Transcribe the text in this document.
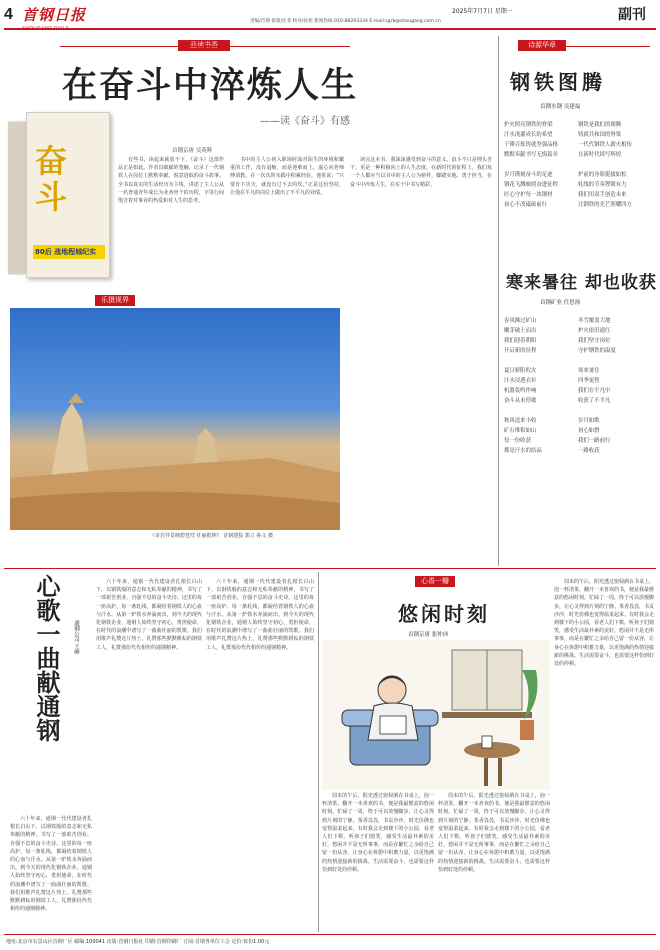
4 首钢日报	责编/首钢 排版/任菲 校对/孙苑 新闻热线:010-88293334 E-mail:sgrb@shougang.com.cn
2025年7月7日 星期一	副刊
品读书香
在奋斗中淬炼人生
——读《奋斗》有感
首钢京唐 吴英辉
奋斗
80后 战地程城纪实
有些书，读起来就放不下。《奋斗》这部作品正是如此。作者以细腻的笔触，记录了一代钢铁人在岗位上默默奉献、锐意进取的奋斗故事。全书以真实的生活经历为主线，讲述了主人公从一名普通青年成长为业务骨干的历程，字里行间饱含着对事业的热爱和对人生的思考。
书中的主人公初入职场时面对陌生的环境和繁重的工作，没有退缩，而是迎难而上，虚心向老师傅请教，在一次次的实践中积累经验。他常说：“只要肯下功夫，就没有过不去的坎。”正是这份坚持，让他在平凡的岗位上做出了不平凡的业绩。
读完这本书，我深深感受到奋斗的意义。奋斗不只是埋头苦干，更是一种积极向上的人生态度。在新时代的征程上，我们每一个人都应当以书中的主人公为榜样，脚踏实地、勇于担当，在奋斗中淬炼人生，在实干中书写精彩。
乐摄视界
《奇岩异景映碧苍穹 壮丽乾坤》 首钢建投 郭立 孙文 摄
诗源华章
钢铁图腾
首钢水钢 吴建福
炉火照亮钢铁的脊梁
汗水浇灌成长的希望
千锤百炼铸就坚强品格
默默奉献书写无悔篇章

岁月镌刻奋斗的足迹
钢花飞溅映照奋进征程
匠心守护每一块钢材
初心不改砥砺前行
钢铁是我们的图腾
铸就共和国的脊梁
一代代钢铁人薪火相传
在新时代续写辉煌

炉前的身影挺拔如松
轧线的节奏铿锵有力
我们用双手创造未来
让钢铁的光芒照耀四方
寒来暑往 却也收获
首钢矿业 任思扬
春风拂过矿山
嫩芽破土而出
我们迎着朝阳
开启新的征程

夏日骄阳似火
汗水浸透衣衫
机器轰鸣作响
奋斗从未停歇

秋风送来丰收
矿石堆积如山
每一份收获
都是汗水的结晶
冬雪覆盖大地
炉火依旧通红
我们坚守岗位
守护钢铁的温度

寒来暑往
四季更替
我们在平凡中
收获了不平凡

岁月如歌
初心如磐
我们一路前行
一路收获
心歌一曲献通钢 通钢公司 王峰
六十年来，通钢一代代建设者扎根长白山下，以钢铁般的意志和无私奉献的精神，书写了一部艰苦创业、自强不息的奋斗史诗。这里的每一座高炉、每一条轧线，都凝结着钢铁人的心血与汗水。从第一炉铁水奔涌而出，到今天的现代化钢铁企业，通钢人始终坚守初心，勇担使命，在时代的浪潮中谱写了一曲曲壮丽的凯歌。我们用歌声礼赞这片热土，礼赞那些默默耕耘的钢铁工人，礼赞那份代代相传的通钢精神。
六十年来，通钢一代代建设者扎根长白山下，以钢铁般的意志和无私奉献的精神，书写了一部艰苦创业、自强不息的奋斗史诗。这里的每一座高炉、每一条轧线，都凝结着钢铁人的心血与汗水。从第一炉铁水奔涌而出，到今天的现代化钢铁企业，通钢人始终坚守初心，勇担使命，在时代的浪潮中谱写了一曲曲壮丽的凯歌。我们用歌声礼赞这片热土，礼赞那些默默耕耘的钢铁工人，礼赞那份代代相传的通钢精神。
六十年来，通钢一代代建设者扎根长白山下，以钢铁般的意志和无私奉献的精神，书写了一部艰苦创业、自强不息的奋斗史诗。这里的每一座高炉、每一条轧线，都凝结着钢铁人的心血与汗水。从第一炉铁水奔涌而出，到今天的现代化钢铁企业，通钢人始终坚守初心，勇担使命，在时代的浪潮中谱写了一曲曲壮丽的凯歌。我们用歌声礼赞这片热土，礼赞那些默默耕耘的钢铁工人，礼赞那份代代相传的通钢精神。
心香一瓣
悠闲时刻
首钢京唐 张仲沛
周末的午后，阳光透过窗棂洒在书桌上，泡一杯清茶，翻开一本喜欢的书，便是我最惬意的悠闲时刻。忙碌了一周，终于可以放慢脚步，让心灵得到片刻的宁静。茶香袅袅，书页沙沙，时光仿佛也变得温柔起来。有时我会走到楼下的小公园，看老人们下棋，听孩子们嬉笑，感受生活最朴素的美好。悠闲并不是无所事事，而是在繁忙之余给自己留一份从容，让身心在休憩中积蓄力量，以更饱满的热情迎接新的挑战。生活需要奋斗，也需要这样恰到好处的停顿。
周末的午后，阳光透过窗棂洒在书桌上，泡一杯清茶，翻开一本喜欢的书，便是我最惬意的悠闲时刻。忙碌了一周，终于可以放慢脚步，让心灵得到片刻的宁静。茶香袅袅，书页沙沙，时光仿佛也变得温柔起来。有时我会走到楼下的小公园，看老人们下棋，听孩子们嬉笑，感受生活最朴素的美好。悠闲并不是无所事事，而是在繁忙之余给自己留一份从容，让身心在休憩中积蓄力量，以更饱满的热情迎接新的挑战。生活需要奋斗，也需要这样恰到好处的停顿。
周末的午后，阳光透过窗棂洒在书桌上，泡一杯清茶，翻开一本喜欢的书，便是我最惬意的悠闲时刻。忙碌了一周，终于可以放慢脚步，让心灵得到片刻的宁静。茶香袅袅，书页沙沙，时光仿佛也变得温柔起来。有时我会走到楼下的小公园，看老人们下棋，听孩子们嬉笑，感受生活最朴素的美好。悠闲并不是无所事事，而是在繁忙之余给自己留一份从容，让身心在休憩中积蓄力量，以更饱满的热情迎接新的挑战。生活需要奋斗，也需要这样恰到好处的停顿。
地址:北京市石景山区首钢厂区 邮编:100041 出版:首钢日报社 印刷:首钢印刷厂 订阅:首钢各单位工会 定价:每份1.00元
